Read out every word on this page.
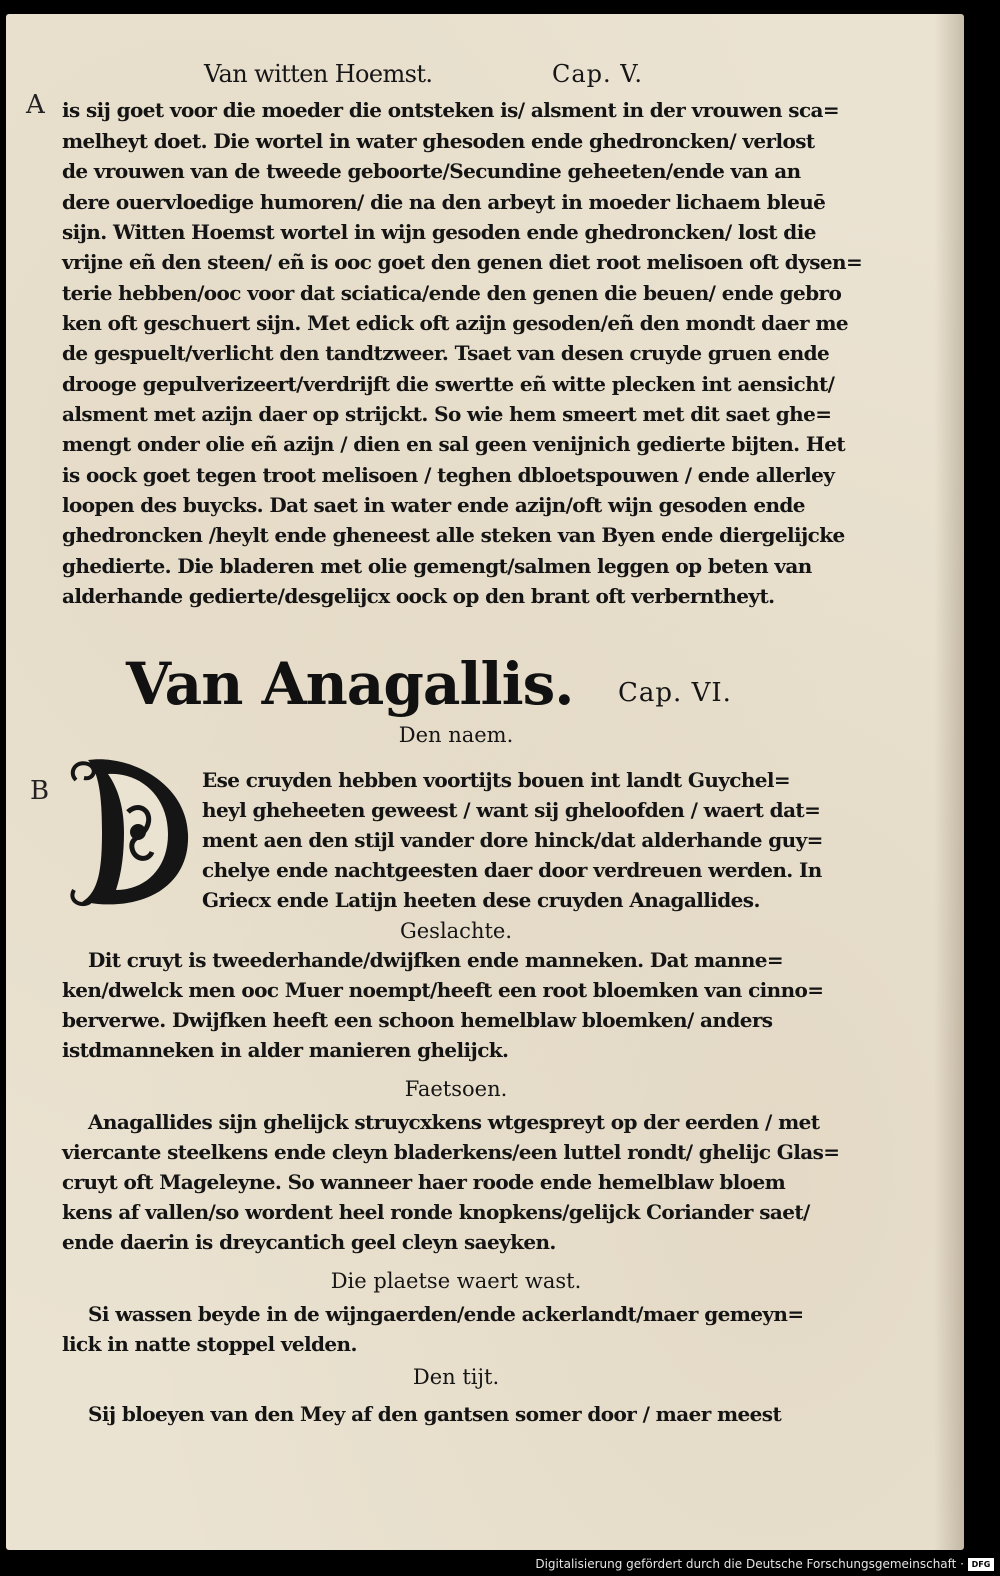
Van witten Hoemst.	Cap. V.
A is sij goet voor die moeder die ontsteken is/ alsment in der vrouwen sca=
melheyt doet. Die wortel in water ghesoden ende ghedroncken/ verlost
de vrouwen van de tweede geboorte/Secundine geheeten/ende van an
dere ouervloedige humoren/ die na den arbeyt in moeder lichaem bleuē
sijn. Witten Hoemst wortel in wijn gesoden ende ghedroncken/ lost die
vrijne eñ den steen/ eñ is ooc goet den genen diet root melisoen oft dysen=
terie hebben/ooc voor dat sciatica/ende den genen die beuen/ ende gebro
ken oft geschuert sijn. Met edick oft azijn gesoden/eñ den mondt daer me
de gespuelt/verlicht den tandtzweer. Tsaet van desen cruyde gruen ende
drooge gepulverizeert/verdrijft die swertte eñ witte plecken int aensicht/
alsment met azijn daer op strijckt. So wie hem smeert met dit saet ghe=
mengt onder olie eñ azijn / dien en sal geen venijnich gedierte bijten. Het
is oock goet tegen troot melisoen / teghen dbloetspouwen / ende allerley
loopen des buycks. Dat saet in water ende azijn/oft wijn gesoden ende
ghedroncken /heylt ende gheneest alle steken van Byen ende diergelijcke
ghedierte. Die bladeren met olie gemengt/salmen leggen op beten van
alderhande gedierte/desgelijcx oock op den brant oft verberntheyt.
Van Anagallis. Cap. VI.
Den naem.
B	Ese cruyden hebben voortijts bouen int landt Guychel=
heyl gheheeten geweest / want sij gheloofden / waert dat=
ment aen den stijl vander dore hinck/dat alderhande guy=
chelye ende nachtgeesten daer door verdreuen werden. In
Griecx ende Latijn heeten dese cruyden Anagallides.
Geslachte.
Dit cruyt is tweederhande/dwijfken ende manneken. Dat manne=
ken/dwelck men ooc Muer noempt/heeft een root bloemken van cinno=
berverwe. Dwijfken heeft een schoon hemelblaw bloemken/ anders
istdmanneken in alder manieren ghelijck.
Faetsoen.
Anagallides sijn ghelijck struycxkens wtgespreyt op der eerden / met
viercante steelkens ende cleyn bladerkens/een luttel rondt/ ghelijc Glas=
cruyt oft Mageleyne. So wanneer haer roode ende hemelblaw bloem
kens af vallen/so wordent heel ronde knopkens/gelijck Coriander saet/
ende daerin is dreycantich geel cleyn saeyken.
Die plaetse waert wast.
Si wassen beyde in de wijngaerden/ende ackerlandt/maer gemeyn=
lick in natte stoppel velden.
Den tijt.
Sij bloeyen van den Mey af den gantsen somer door / maer meest
Digitalisierung gefördert durch die Deutsche Forschungsgemeinschaft · DFG
